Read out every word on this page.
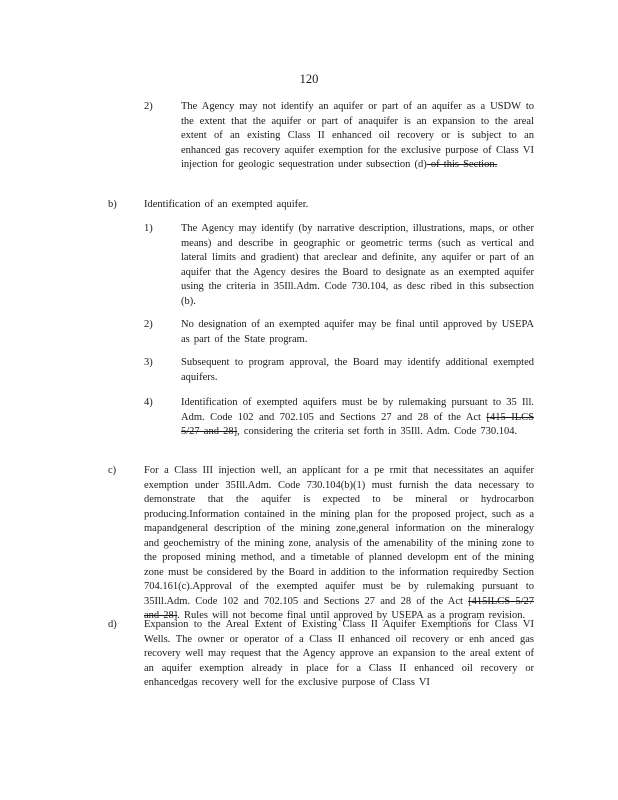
120
2)	The Agency may not identify an aquifer or part of an aquifer as a USDW to the extent that the aquifer or part of anaquifer is an expansion to the areal extent of an existing Class II enhanced oil recovery or is subject to an enhanced gas recovery aquifer exemption for the exclusive purpose of Class VI injection for geologic sequestration under subsection (d) of this Section.
b)	Identification of an exempted aquifer.
1)	The Agency may identify (by narrative description, illustrations, maps, or other means) and describe in geographic or geometric terms (such as vertical and lateral limits and gradient) that areclear and definite, any aquifer or part of an aquifer that the Agency desires the Board to designate as an exempted aquifer using the criteria in 35Ill.Adm. Code 730.104, as desc ribed in this subsection (b).
2)	No designation of an exempted aquifer may be final until approved by USEPA as part of the State program.
3)	Subsequent to program approval, the Board may identify additional exempted aquifers.
4)	Identification of exempted aquifers must be by rulemaking pursuant to 35 Ill. Adm. Code 102 and 702.105 and Sections 27 and 28 of the Act [415 ILCS 5/27 and 28], considering the criteria set forth in 35Ill. Adm. Code 730.104.
c)	For a Class III injection well, an applicant for a pe rmit that necessitates an aquifer exemption under 35Ill.Adm. Code 730.104(b)(1) must furnish the data necessary to demonstrate that the aquifer is expected to be mineral or hydrocarbon producing.Information contained in the mining plan for the proposed project, such as a mapandgeneral description of the mining zone,general information on the mineralogy and geochemistry of the mining zone, analysis of the amenability of the mining zone to the proposed mining method, and a timetable of planned developm ent of the mining zone must be considered by the Board in addition to the information requiredby Section 704.161(c).Approval of the exempted aquifer must be by rulemaking pursuant to 35Ill.Adm. Code 102 and 702.105 and Sections 27 and 28 of the Act [415ILCS 5/27 and 28]. Rules will not become final until approved by USEPA as a program revision.
d)	Expansion to the Areal Extent of Existing Class II Aquifer Exemptions for Class VI Wells. The owner or operator of a Class II enhanced oil recovery or enh anced gas recovery well may request that the Agency approve an expansion to the areal extent of an aquifer exemption already in place for a Class II enhanced oil recovery or enhancedgas recovery well for the exclusive purpose of Class VI
